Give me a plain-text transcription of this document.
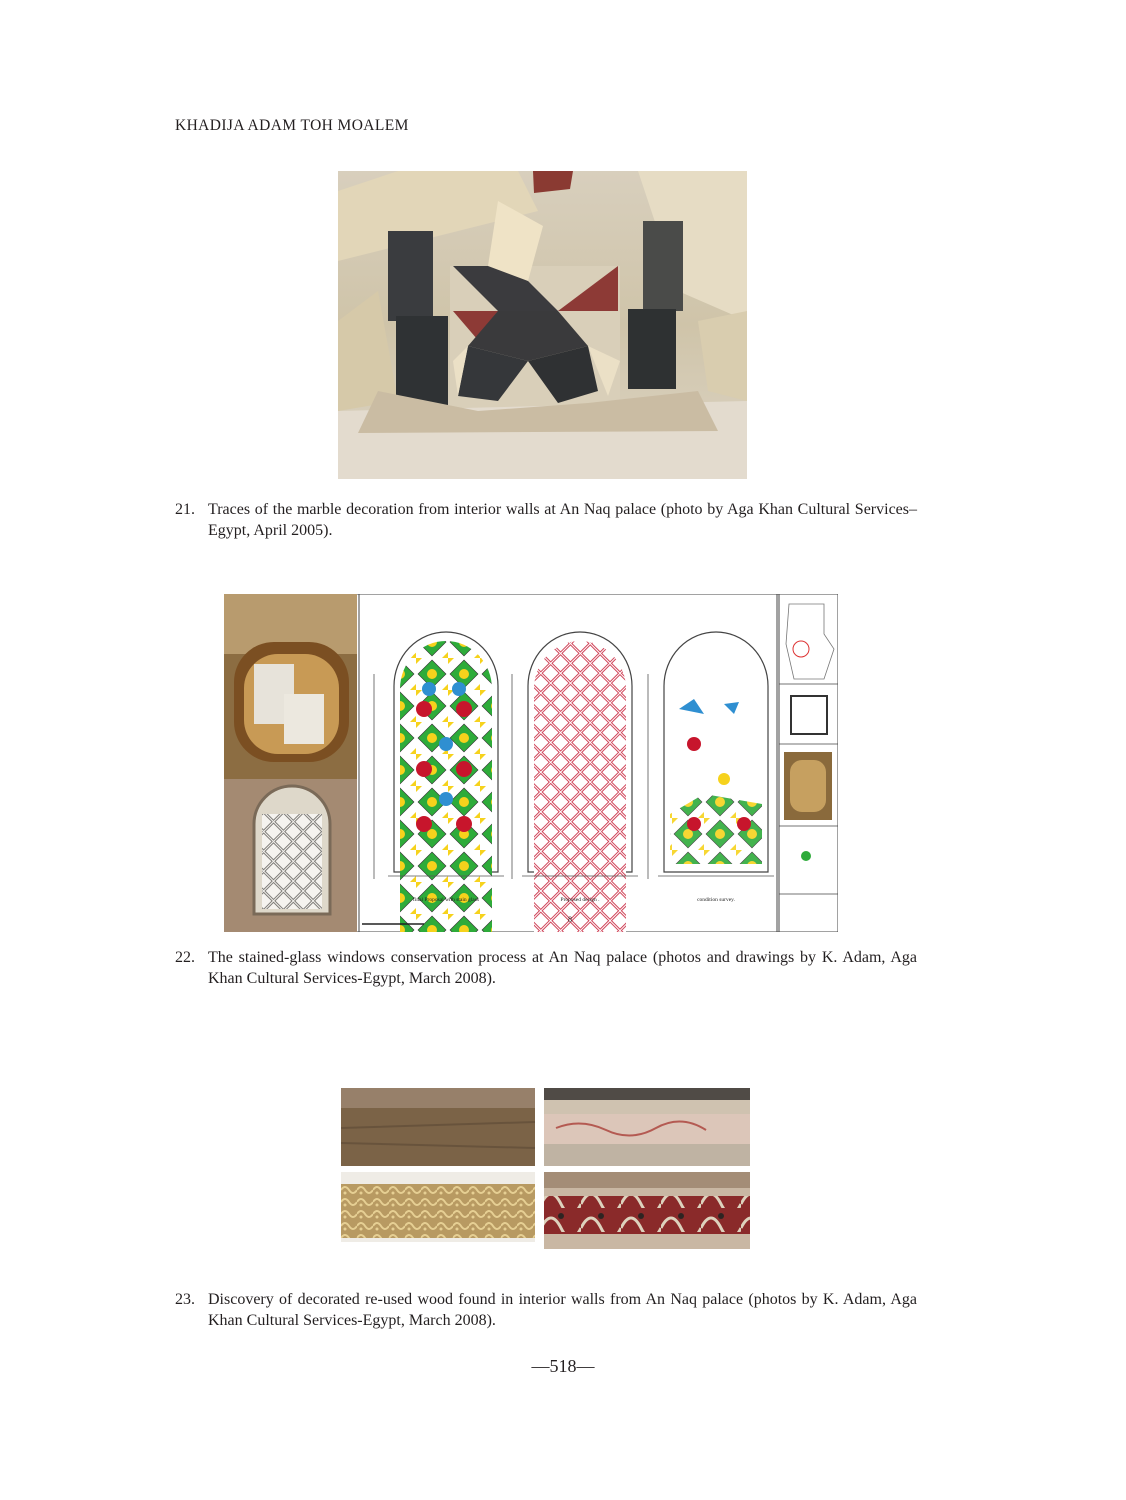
KHADIJA ADAM TOH MOALEM
21. Traces of the marble decoration from interior walls at An Naq palace (photo by Aga Khan Cultural Services–Egypt, April 2005).
final Proposal with stain glass	Proposed design .	condition survey.
8
22. The stained-glass windows conservation process at An Naq palace (photos and drawings by K. Adam, Aga Khan Cultural Services-Egypt, March 2008).
23. Discovery of decorated re-used wood found in interior walls from An Naq palace (photos by K. Adam, Aga Khan Cultural Services-Egypt, March 2008).
—518—
